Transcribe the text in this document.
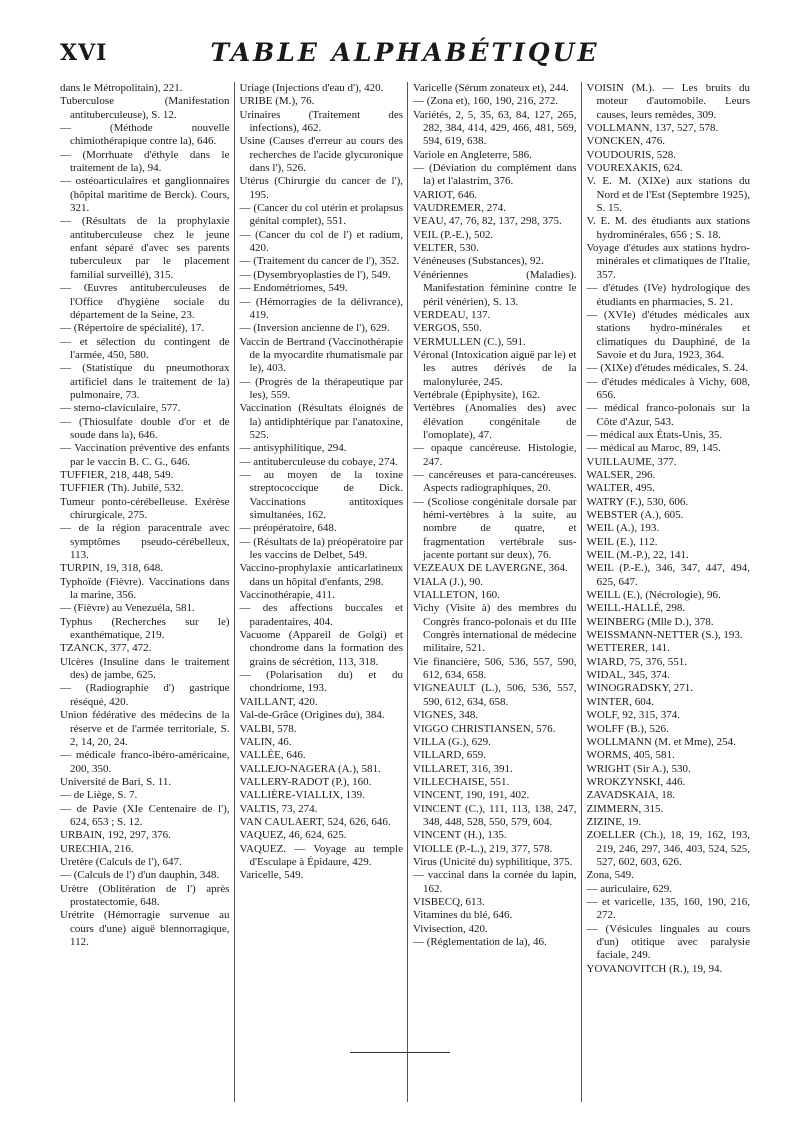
XVI	TABLE ALPHABÉTIQUE

dans le Métropolitain), 221.

Tuberculose (Manifestation antituberculeuse), S. 12.

— (Méthode nouvelle chimiothérapique contre la), 646.

— (Morrhuate d'éthyle dans le traitement de la), 94.

— ostéoarticulaires et ganglionnaires (hôpital maritime de Berck). Cours, 321.

— (Résultats de la prophylaxie antituberculeuse chez le jeune enfant séparé d'avec ses parents tuberculeux par le placement familial surveillé), 315.

— Œuvres antituberculeuses de l'Office d'hygiène sociale du département de la Seine, 23.

— (Répertoire de spécialité), 17.

— et sélection du contingent de l'armée, 450, 580.

— (Statistique du pneumothorax artificiel dans le traitement de la) pulmonaire, 73.

— sterno-claviculaire, 577.

— (Thiosulfate double d'or et de soude dans la), 646.

— Vaccination préventive des enfants par le vaccin B. C. G., 646.

TUFFIER, 218, 448, 549.

TUFFIER (Th). Jubilé, 532.

Tumeur ponto-cérébelleuse. Exérèse chirurgicale, 275.

— de la région paracentrale avec symptômes pseudo-cérébelleux, 113.

TURPIN, 19, 318, 648.

Typhoïde (Fièvre). Vaccinations dans la marine, 356.

— (Fièvre) au Venezuéla, 581.

Typhus (Recherches sur le) exanthématique, 219.

TZANCK, 377, 472.

Ulcères (Insuline dans le traitement des) de jambe, 625.

— (Radiographie d') gastrique réséqué, 420.

Union fédérative des médecins de la réserve et de l'armée territoriale, S. 2, 14, 20, 24.

— médicale franco-ibéro-américaine, 200, 350.

Université de Bari, S. 11.

— de Liège, S. 7.

— de Pavie (XIe Centenaire de l'), 624, 653 ; S. 12.

URBAIN, 192, 297, 376.

URECHIA, 216.

Uretère (Calculs de l'), 647.

— (Calculs de l') d'un dauphin, 348.

Urètre (Oblitération de l') après prostatectomie, 648.

Urétrite (Hémorragie survenue au cours d'une) aiguë blennorragique, 112.

Uriage (Injections d'eau d'), 420.

URIBE (M.), 76.

Urinaires (Traitement des infections), 462.

Usine (Causes d'erreur au cours des recherches de l'acide glycuronique dans l'), 526.

Utérus (Chirurgie du cancer de l'), 195.

— (Cancer du col utérin et prolapsus génital complet), 551.

— (Cancer du col de l') et radium, 420.

— (Traitement du cancer de l'), 352.

— (Dysembryoplasties de l'), 549.

— Endométriomes, 549.

— (Hémorragies de la délivrance), 419.

— (Inversion ancienne de l'), 629.

Vaccin de Bertrand (Vaccinothérapie de la myocardite rhumatismale par le), 403.

— (Progrès de la thérapeutique par les), 559.

Vaccination (Résultats éloignés de la) antidiphtérique par l'anatoxine, 525.

— antisyphilitique, 294.

— antituberculeuse du cobaye, 274.

— au moyen de la toxine streptococcique de Dick. Vaccinations antitoxiques simultanées, 162.

— préopératoire, 648.

— (Résultats de la) préopératoire par les vaccins de Delbet, 549.

Vaccino-prophylaxie anticarlatineux dans un hôpital d'enfants, 298.

Vaccinothérapie, 411.

— des affections buccales et paradentaires, 404.

Vacuome (Appareil de Golgi) et chondrome dans la formation des grains de sécrétion, 113, 318.

— (Polarisation du) et du chondriome, 193.

VAILLANT, 420.

Val-de-Grâce (Origines du), 384.

VALBI, 578.

VALIN, 46.

VALLÉE, 646.

VALLEJO-NAGERA (A.), 581.

VALLERY-RADOT (P.), 160.

VALLIÈRE-VIALLIX, 139.

VALTIS, 73, 274.

VAN CAULAERT, 524, 626, 646.

VAQUEZ, 46, 624, 625.

VAQUEZ. — Voyage au temple d'Esculape à Épidaure, 429.

Varicelle, 549.

Varicelle (Sérum zonateux et), 244.

— (Zona et), 160, 190, 216, 272.

Variétés, 2, 5, 35, 63, 84, 127, 265, 282, 384, 414, 429, 466, 481, 569, 594, 619, 638.

Variole en Angleterre, 586.

— (Déviation du complément dans la) et l'alastrim, 376.

VARIOT, 646.

VAUDREMER, 274.

VEAU, 47, 76, 82, 137, 298, 375.

VEIL (P.-E.), 502.

VELTER, 530.

Vénéneuses (Substances), 92.

Vénériennes (Maladies). Manifestation féminine contre le péril vénérien), S. 13.

VERDEAU, 137.

VERGOS, 550.

VERMULLEN (C.), 591.

Véronal (Intoxication aiguë par le) et les autres dérivés de la malonylurée, 245.

Vertébrale (Épiphysite), 162.

Vertèbres (Anomalies des) avec élévation congénitale de l'omoplate), 47.

— opaque cancéreuse. Histologie, 247.

— cancéreuses et para-cancéreuses. Aspects radiographiques, 20.

— (Scoliose congénitale dorsale par hémi-vertèbres à la suite, au nombre de quatre, et fragmentation vertébrale sus-jacente portant sur deux), 76.

VEZEAUX DE LAVERGNE, 364.

VIALA (J.), 90.

VIALLETON, 160.

Vichy (Visite à) des membres du Congrès franco-polonais et du IIIe Congrès international de médecine militaire, 521.

Vie financière, 506, 536, 557, 590, 612, 634, 658.

VIGNEAULT (L.), 506, 536, 557, 590, 612, 634, 658.

VIGNES, 348.

VIGGO CHRISTIANSEN, 576.

VILLA (G.), 629.

VILLARD, 659.

VILLARET, 316, 391.

VILLECHAISE, 551.

VINCENT, 190, 191, 402.

VINCENT (C.), 111, 113, 138, 247, 348, 448, 528, 550, 579, 604.

VINCENT (H.), 135.

VIOLLE (P.-L.), 219, 377, 578.

Virus (Unicité du) syphilitique, 375.

— vaccinal dans la cornée du lapin, 162.

VISBECQ, 613.

Vitamines du blé, 646.

Vivisection, 420.

— (Réglementation de la), 46.

VOISIN (M.). — Les bruits du moteur d'automobile. Leurs causes, leurs remèdes, 309.

VOLLMANN, 137, 527, 578.

VONCKEN, 476.

VOUDOURIS, 528.

VOUREXAKIS, 624.

V. E. M. (XIXe) aux stations du Nord et de l'Est (Septembre 1925), S. 15.

V. E. M. des étudiants aux stations hydrominérales, 656 ; S. 18.

Voyage d'études aux stations hydro-minérales et climatiques de l'Italie, 357.

— d'études (IVe) hydrologique des étudiants en pharmacies, S. 21.

— (XVIe) d'études médicales aux stations hydro-minérales et climatiques du Dauphiné, de la Savoie et du Jura, 1923, 364.

— (XIXe) d'études médicales, S. 24.

— d'études médicales à Vichy, 608, 656.

— médical franco-polonais sur la Côte d'Azur, 543.

— médical aux États-Unis, 35.

— médical au Maroc, 89, 145.

VUILLAUME, 377.

WALSER, 296.

WALTER, 495.

WATRY (F.), 530, 606.

WEBSTER (A.), 605.

WEIL (A.), 193.

WEIL (E.), 112.

WEIL (M.-P.), 22, 141.

WEIL (P.-E.), 346, 347, 447, 494, 625, 647.

WEILL (E.), (Nécrologie), 96.

WEILL-HALLÉ, 298.

WEINBERG (Mlle D.), 378.

WEISSMANN-NETTER (S.), 193.

WETTERER, 141.

WIARD, 75, 376, 551.

WIDAL, 345, 374.

WINOGRADSKY, 271.

WINTER, 604.

WOLF, 92, 315, 374.

WOLFF (B.), 526.

WOLLMANN (M. et Mme), 254.

WORMS, 405, 581.

WRIGHT (Sir A.), 530.

WROKZYNSKI, 446.

ZAVADSKAIA, 18.

ZIMMERN, 315.

ZIZINE, 19.

ZOELLER (Ch.), 18, 19, 162, 193, 219, 246, 297, 346, 403, 524, 525, 527, 602, 603, 626.

Zona, 549.

— auriculaire, 629.

— et varicelle, 135, 160, 190, 216, 272.

— (Vésicules linguales au cours d'un) otitique avec paralysie faciale, 249.

YOVANOVITCH (R.), 19, 94.
